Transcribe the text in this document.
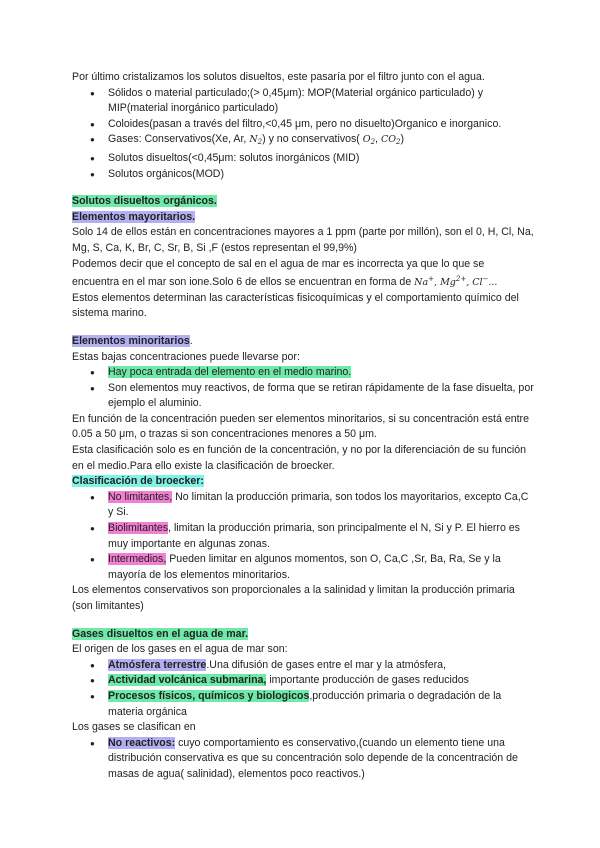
Por último cristalizamos los solutos disueltos, este pasaría por el filtro junto con el agua.

● Sólidos o material particulado;(> 0,45μm): MOP(Material orgánico particulado) y MIP(material inorgánico particulado)
● Coloides(pasan a través del filtro,<0,45 μm, pero no disuelto)Organico e inorganico.
● Gases: Conservativos(Xe, Ar, $N_2$) y no conservativos( $O_2$, $CO_2$)
● Solutos disueltos(<0,45μm: solutos inorgánicos (MID)
● Solutos orgánicos(MOD)

Solutos disueltos orgánicos.

Elementos mayoritarios.

Solo 14 de ellos están en concentraciones mayores a 1 ppm (parte por millón), son el 0, H, Cl, Na, Mg, S, Ca, K, Br, C, Sr, B, Si ,F (estos representan el 99,9%)

Podemos decir que el concepto de sal en el agua de mar es incorrecta ya que lo que se encuentra en el mar son ione.Solo 6 de ellos se encuentran en forma de Na+, $Mg^{2+}$, Cl−...

Estos elementos determinan las características fisicoquímicas y el comportamiento químico del sistema marino.

Elementos minoritarios.

Estas bajas concentraciones puede llevarse por:

● Hay poca entrada del elemento en el medio marino.
● Son elementos muy reactivos, de forma que se retiran rápidamente de la fase disuelta, por ejemplo el aluminio.

En función de la concentración pueden ser elementos minoritarios, si su concentración está entre 0.05 a 50 μm, o trazas si son concentraciones menores a 50 μm.

Esta clasificación solo es en función de la concentración, y no por la diferenciación de su función en el medio.Para ello existe la clasificación de broecker.

Clasificación de broecker:

● No limitantes, No limitan la producción primaria, son todos los mayoritarios, excepto Ca,C y Si.
● Biolimitantes, limitan la producción primaria, son principalmente el N, Si y P. El hierro es muy importante en algunas zonas.
● Intermedios, Pueden limitar en algunos momentos, son O, Ca,C ,Sr, Ba, Ra, Se y la mayoría de los elementos minoritarios.

Los elementos conservativos son proporcionales a la salinidad y limitan la producción primaria (son limitantes)

Gases disueltos en el agua de mar.

El origen de los gases en el agua de mar son:

● Atmósfera terrestre.Una difusión de gases entre el mar y la atmósfera,
● Actividad volcánica submarina, importante producción de gases reducidos
● Procesos físicos, químicos y biologicos,producción primaria o degradación de la materia orgánica

Los gases se clasifican en

● No reactivos: cuyo comportamiento es conservativo,(cuando un elemento tiene una distribución conservativa es que su concentración solo depende de la concentración de masas de agua( salinidad), elementos poco reactivos.)
